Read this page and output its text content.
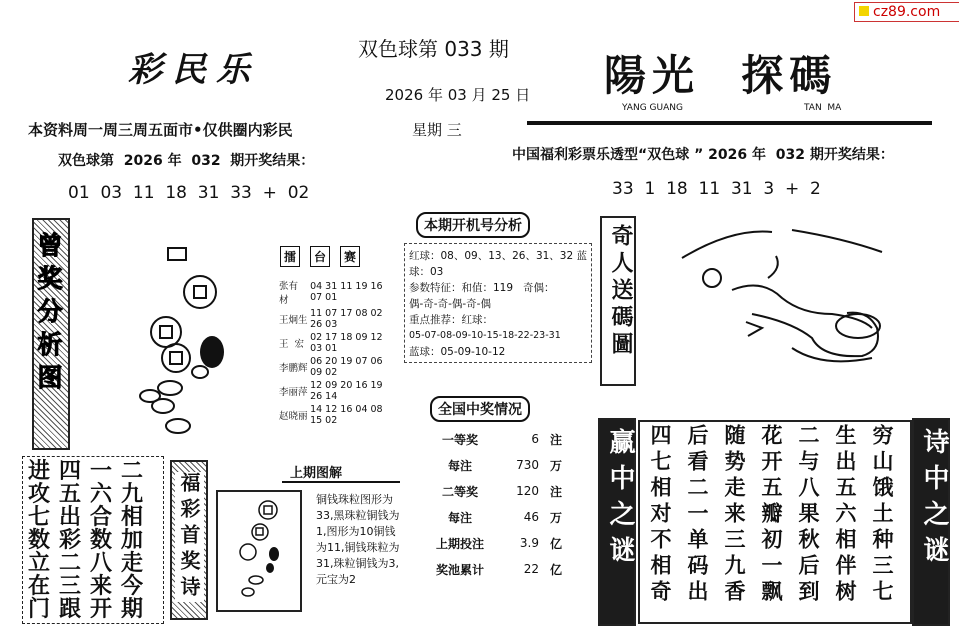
cz89.com
彩民乐
双色球第 033 期
2026 年 03 月 25 日
本资料周一周三周五面市•仅供圈内彩民	星期 三
陽光  探碼
YANG GUANG	TAN  MA
双色球第  2026 年  032  期开奖结果：
01  03  11  18  31  33  +  02
中国福利彩票乐透型“双色球 ” 2026 年  032 期开奖结果：
33  1  18  11  31  3  +  2
曾奖分析图	擂	台	赛
张有材	04 31 11 19 16 07 01
王炯生	11 07 17 08 02 26 03
王  宏	02 17 18 09 12 03 01
李鹏辉	06 20 19 07 06 09 02
李丽萍	12 09 20 16 19 26 14
赵晓丽	14 12 16 04 08 15 02
本期开机号分析
红球：08、09、13、26、31、32 蓝
球：03
参数特征：和值：119   奇偶：
偶-奇-奇-偶-奇-偶
重点推荐：红球：
05-07-08-09-10-15-18-22-23-31
蓝球：05-09-10-12
全国中奖情况
一等奖	6	注
每注	730	万
二等奖	120	注
每注	46	万
上期投注	3.9	亿
奖池累计	22	亿
上期图解
铜钱珠粒图形为33,黑珠粒铜钱为1,图形为10铜钱为11,铜钱珠粒为31,珠粒铜钱为3,元宝为2
进四一二
攻五六九
七出合相
数彩数加
立二八走
在三来今
门跟开期
福彩首奖诗
奇人送碼圖
赢中之谜	诗中之谜
穷山饿土种三七
生出五六相伴树
二与八果秋后到
花开五瓣初一飘
随势走来三九香
后看二一单码出
四七相对不相奇
